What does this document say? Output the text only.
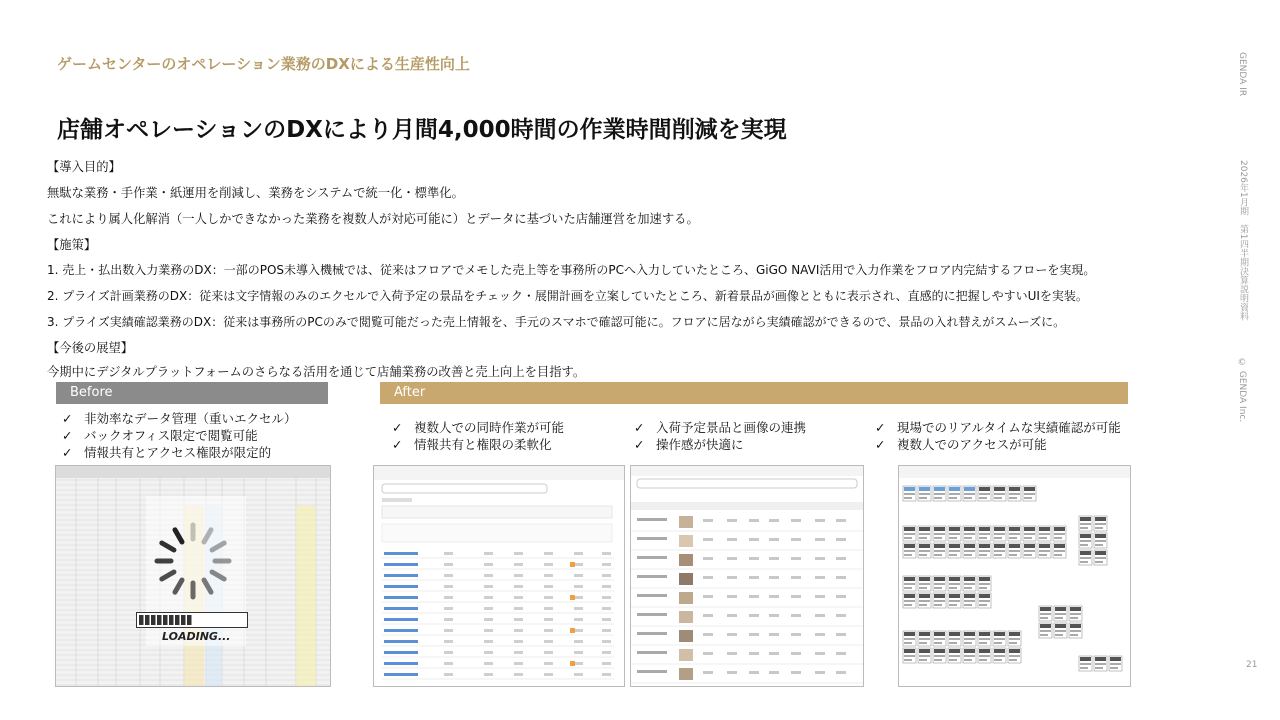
ゲームセンターのオペレーション業務のDXによる生産性向上
店舗オペレーションのDXにより月間4,000時間の作業時間削減を実現
【導入目的】
無駄な業務・手作業・紙運用を削減し、業務をシステムで統一化・標準化。
これにより属人化解消（一人しかできなかった業務を複数人が対応可能に）とデータに基づいた店舗運営を加速する。
【施策】
1. 売上・払出数入力業務のDX：一部のPOS未導入機械では、従来はフロアでメモした売上等を事務所のPCへ入力していたところ、GiGO NAVI活用で入力作業をフロア内完結するフローを実現。
2. プライズ計画業務のDX：従来は文字情報のみのエクセルで入荷予定の景品をチェック・展開計画を立案していたところ、新着景品が画像とともに表示され、直感的に把握しやすいUIを実装。
3. プライズ実績確認業務のDX：従来は事務所のPCのみで閲覧可能だった売上情報を、手元のスマホで確認可能に。フロアに居ながら実績確認ができるので、景品の入れ替えがスムーズに。
【今後の展望】
今期中にデジタルプラットフォームのさらなる活用を通じて店舗業務の改善と売上向上を目指す。
Before	After
✓ 非効率なデータ管理（重いエクセル）
✓ バックオフィス限定で閲覧可能
✓ 情報共有とアクセス権限が限定的
✓ 複数人での同時作業が可能
✓ 情報共有と権限の柔軟化
✓ 入荷予定景品と画像の連携
✓ 操作感が快適に
✓ 現場でのリアルタイムな実績確認が可能
✓ 複数人でのアクセスが可能
LOADING...
GENDA IR
2026年1月期　第1四半期決算説明資料
© GENDA Inc.
21
